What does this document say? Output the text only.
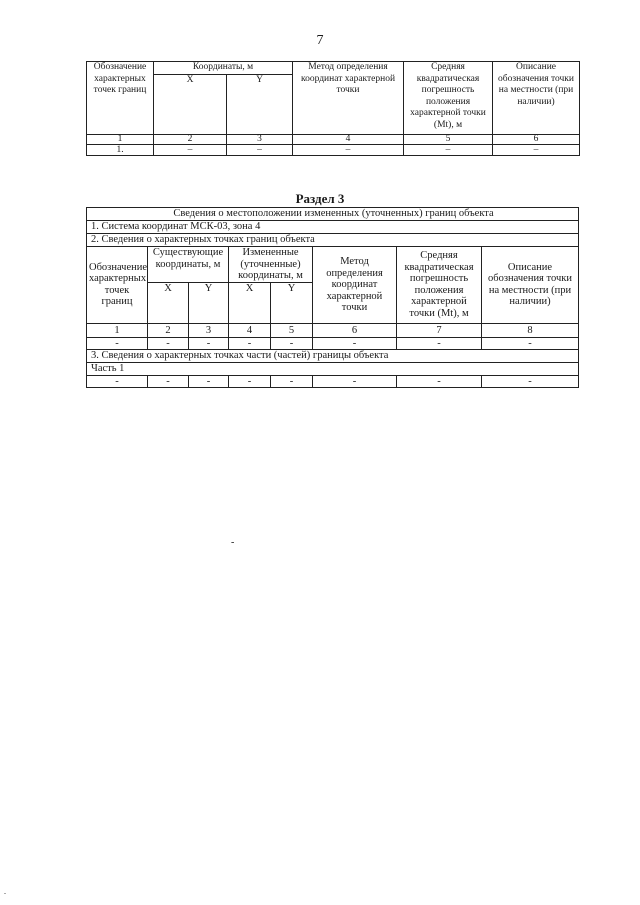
7
Обозначение характерных точек границ	Координаты, м		Метод определения координат характерной точки	Средняя квадратическая погрешность положения характерной точки (Mt), м	Описание обозначения точки на местности (при наличии)
	X	Y			
1	2	3	4	5	6
1.	–	–	–	–	–
Раздел 3
Сведения о местоположении измененных (уточненных) границ объекта							
1. Система координат МСК-03, зона 4							
2. Сведения о характерных точках границ объекта							
Обозначение характерных точек границ	Существующие координаты, м		Измененные (уточненные) координаты, м		Метод определения координат характерной точки	Средняя квадратическая погрешность положения характерной точки (Mt), м	Описание обозначения точки на местности (при наличии)
	X	Y	X	Y			
1	2	3	4	5	6	7	8
-	-	-	-	-	-	-	-
3. Сведения о характерных точках части (частей) границы объекта							
Часть 1							
-	-	-	-	-	-	-	-
-
.
